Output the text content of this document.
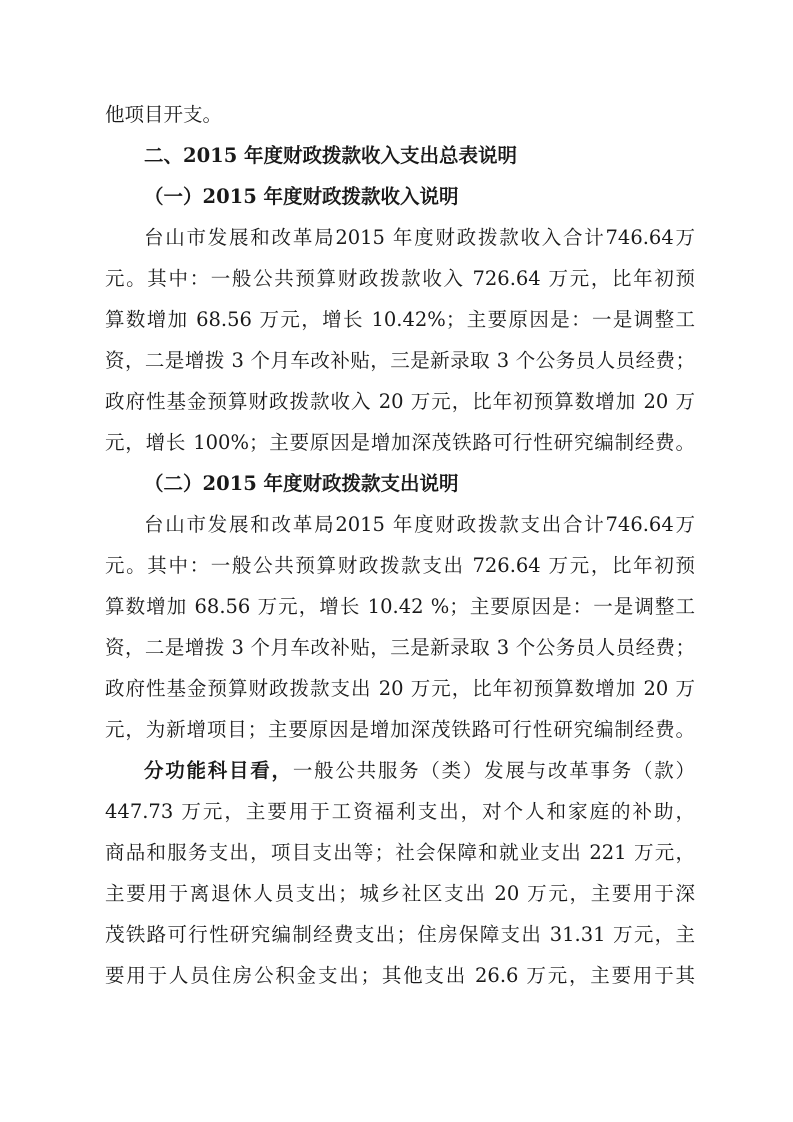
他项目开支。
二、2015 年度财政拨款收入支出总表说明
（一）2015 年度财政拨款收入说明
台山市发展和改革局2015 年度财政拨款收入合计746.64万
元。其中：一般公共预算财政拨款收入 726.64 万元，比年初预
算数增加 68.56 万元，增长 10.42%；主要原因是：一是调整工
资，二是增拨 3 个月车改补贴，三是新录取 3 个公务员人员经费；
政府性基金预算财政拨款收入 20 万元，比年初预算数增加 20 万
元，增长 100%；主要原因是增加深茂铁路可行性研究编制经费。
（二）2015 年度财政拨款支出说明
台山市发展和改革局2015 年度财政拨款支出合计746.64万
元。其中：一般公共预算财政拨款支出 726.64 万元，比年初预
算数增加 68.56 万元，增长 10.42 %；主要原因是：一是调整工
资，二是增拨 3 个月车改补贴，三是新录取 3 个公务员人员经费；
政府性基金预算财政拨款支出 20 万元，比年初预算数增加 20 万
元，为新增项目；主要原因是增加深茂铁路可行性研究编制经费。
分功能科目看，一般公共服务（类）发展与改革事务（款）
447.73 万元，主要用于工资福利支出，对个人和家庭的补助，
商品和服务支出，项目支出等；社会保障和就业支出 221 万元，
主要用于离退休人员支出；城乡社区支出 20 万元，主要用于深
茂铁路可行性研究编制经费支出；住房保障支出 31.31 万元，主
要用于人员住房公积金支出；其他支出 26.6 万元，主要用于其
